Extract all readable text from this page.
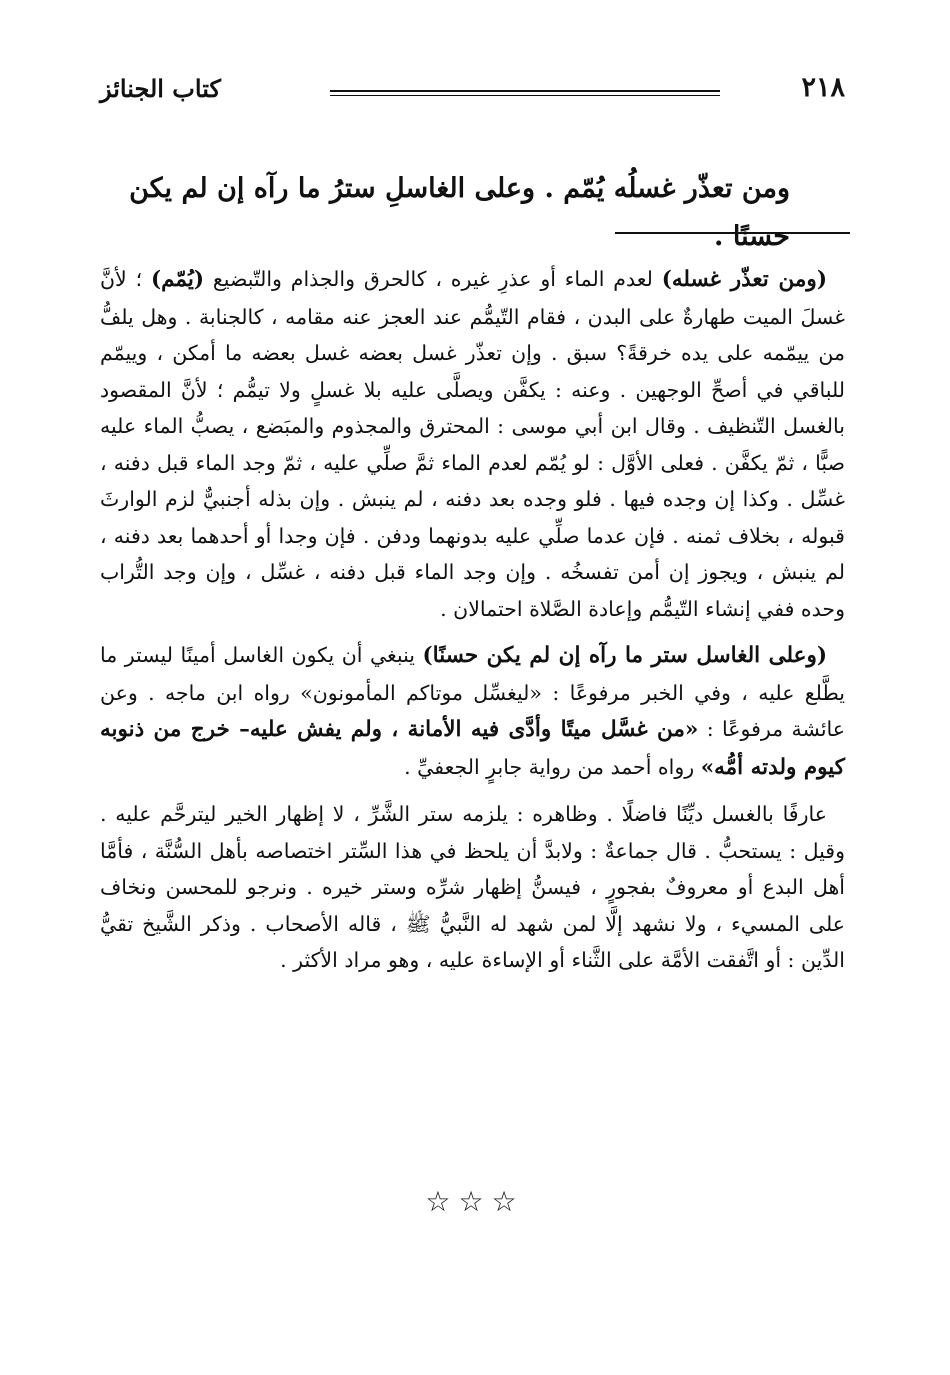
٢١٨
كتاب الجنائز
ومن تعذّر غسلُه يُمّم . وعلى الغاسلِ سترُ ما رآه إن لم يكن حسنًا .

(ومن تعذّر غسله) لعدم الماء أو عذرِ غيره ، كالحرق والجذام والتّبضيع (يُمّم) ؛ لأنَّ غسلَ الميت طهارةٌ على البدن ، فقام التّيمُّم عند العجز عنه مقامه ، كالجنابة . وهل يلفُّ من ييمّمه على يده خرقةً؟ سبق . وإن تعذّر غسل بعضه غسل بعضه ما أمكن ، وييمّم للباقي في أصحِّ الوجهين . وعنه : يكفَّن ويصلَّى عليه بلا غسلٍ ولا تيمُّم ؛ لأنَّ المقصود بالغسل التّنظيف . وقال ابن أبي موسى : المحترق والمجذوم والمبَضع ، يصبُّ الماء عليه صبًّا ، ثمّ يكفَّن . فعلى الأوَّل : لو يُمّم لعدم الماء ثمَّ صلِّي عليه ، ثمّ وجد الماء قبل دفنه ، غسِّل . وكذا إن وجده فيها . فلو وجده بعد دفنه ، لم ينبش . وإن بذله أجنبيٌّ لزم الوارثَ قبوله ، بخلاف ثمنه . فإن عدما صلِّي عليه بدونهما ودفن . فإن وجدا أو أحدهما بعد دفنه ، لم ينبش ، ويجوز إن أمن تفسخُه . وإن وجد الماء قبل دفنه ، غسِّل ، وإن وجد التُّراب وحده ففي إنشاء التّيمُّم وإعادة الصَّلاة احتمالان .

(وعلى الغاسل ستر ما رآه إن لم يكن حسنًا) ينبغي أن يكون الغاسل أمينًا ليستر ما يطَّلع عليه ، وفي الخبر مرفوعًا : «ليغسِّل موتاكم المأمونون» رواه ابن ماجه . وعن عائشة مرفوعًا : «من غسَّل ميتًا وأدَّى فيه الأمانة ، ولم يفش عليه– خرج من ذنوبه كيوم ولدته أمُّه» رواه أحمد من رواية جابرٍ الجعفيِّ .

عارفًا بالغسل ديِّنًا فاضلًا . وظاهره : يلزمه ستر الشَّرِّ ، لا إظهار الخير ليترحَّم عليه . وقيل : يستحبُّ . قال جماعةٌ : ولابدَّ أن يلحظ في هذا السِّتر اختصاصه بأهل السُّنَّة ، فأمَّا أهل البدع أو معروفٌ بفجورٍ ، فيسنُّ إظهار شرِّه وستر خيره . ونرجو للمحسن ونخاف على المسيء ، ولا نشهد إلَّا لمن شهد له النَّبيُّ ﷺ ، قاله الأصحاب . وذكر الشَّيخ تقيُّ الدِّين : أو اتَّفقت الأمَّة على الثَّناء أو الإساءة عليه ، وهو مراد الأكثر .

☆☆☆
